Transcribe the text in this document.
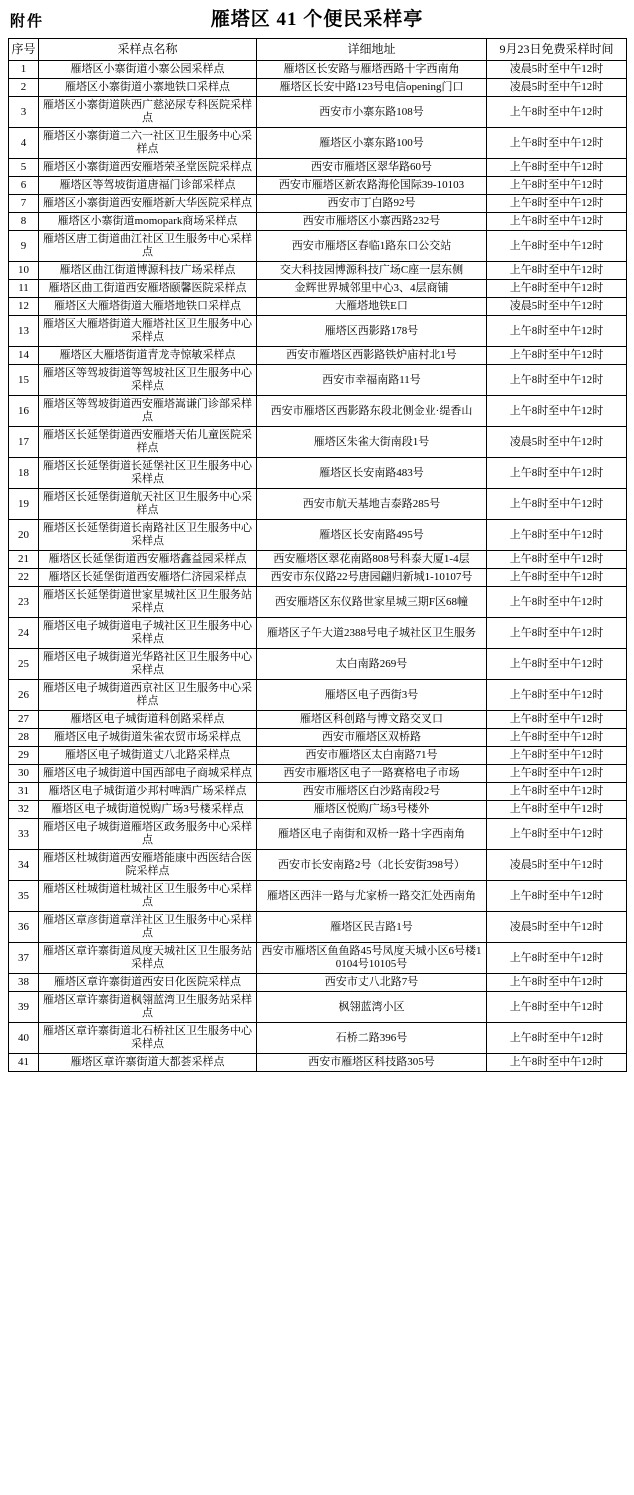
附件	雁塔区 41 个便民采样亭
序号	采样点名称	详细地址	9月23日免费采样时间
1	雁塔区小寨街道小寨公园采样点	雁塔区长安路与雁塔西路十字西南角	凌晨5时至中午12时
2	雁塔区小寨街道小寨地铁口采样点	雁塔区长安中路123号电信opening门口	凌晨5时至中午12时
3	雁塔区小寨街道陕西广慈泌尿专科医院采样点	西安市小寨东路108号	上午8时至中午12时
4	雁塔区小寨街道二六一社区卫生服务中心采样点	雁塔区小寨东路100号	上午8时至中午12时
5	雁塔区小寨街道西安雁塔荣圣堂医院采样点	西安市雁塔区翠华路60号	上午8时至中午12时
6	雁塔区等驾坡街道唐福门诊部采样点	西安市雁塔区新农路海伦国际39-10103	上午8时至中午12时
7	雁塔区小寨街道西安雁塔新大华医院采样点	西安市丁白路92号	上午8时至中午12时
8	雁塔区小寨街道momopark商场采样点	西安市雁塔区小寨西路232号	上午8时至中午12时
9	雁塔区唐工街道曲江社区卫生服务中心采样点	西安市雁塔区春临1路东口公交站	上午8时至中午12时
10	雁塔区曲江街道博源科技广场采样点	交大科技园博源科技广场C座一层东侧	上午8时至中午12时
11	雁塔区曲工街道西安雁塔颐馨医院采样点	金辉世界城邻里中心3、4层商铺	上午8时至中午12时
12	雁塔区大雁塔街道大雁塔地铁口采样点	大雁塔地铁E口	凌晨5时至中午12时
13	雁塔区大雁塔街道大雁塔社区卫生服务中心采样点	雁塔区西影路178号	上午8时至中午12时
14	雁塔区大雁塔街道青龙寺惊敏采样点	西安市雁塔区西影路铁炉庙村北1号	上午8时至中午12时
15	雁塔区等驾坡街道等驾坡社区卫生服务中心采样点	西安市幸福南路11号	上午8时至中午12时
16	雁塔区等驾坡街道西安雁塔嵩谦门诊部采样点	西安市雁塔区西影路东段北侧金业·缇香山	上午8时至中午12时
17	雁塔区长延堡街道西安雁塔天佑儿童医院采样点	雁塔区朱雀大街南段1号	凌晨5时至中午12时
18	雁塔区长延堡街道长延堡社区卫生服务中心采样点	雁塔区长安南路483号	上午8时至中午12时
19	雁塔区长延堡街道航天社区卫生服务中心采样点	西安市航天基地吉泰路285号	上午8时至中午12时
20	雁塔区长延堡街道长南路社区卫生服务中心采样点	雁塔区长安南路495号	上午8时至中午12时
21	雁塔区长延堡街道西安雁塔鑫益园采样点	西安雁塔区翠花南路808号科泰大厦1-4层	上午8时至中午12时
22	雁塔区长延堡街道西安雁塔仁济园采样点	西安市东仪路22号唐园翩归新城1-10107号	上午8时至中午12时
23	雁塔区长延堡街道世家星城社区卫生服务站采样点	西安雁塔区东仪路世家星城三期F区68幢	上午8时至中午12时
24	雁塔区电子城街道电子城社区卫生服务中心采样点	雁塔区子午大道2388号电子城社区卫生服务	上午8时至中午12时
25	雁塔区电子城街道光华路社区卫生服务中心采样点	太白南路269号	上午8时至中午12时
26	雁塔区电子城街道西京社区卫生服务中心采样点	雁塔区电子西街3号	上午8时至中午12时
27	雁塔区电子城街道科创路采样点	雁塔区科创路与博文路交叉口	上午8时至中午12时
28	雁塔区电子城街道朱雀农贸市场采样点	西安市雁塔区双桥路	上午8时至中午12时
29	雁塔区电子城街道丈八北路采样点	西安市雁塔区太白南路71号	上午8时至中午12时
30	雁塔区电子城街道中国西部电子商城采样点	西安市雁塔区电子一路赛格电子市场	上午8时至中午12时
31	雁塔区电子城街道少邦村啤酒广场采样点	西安市雁塔区白沙路南段2号	上午8时至中午12时
32	雁塔区电子城街道悦购广场3号楼采样点	雁塔区悦购广场3号楼外	上午8时至中午12时
33	雁塔区电子城街道雁塔区政务服务中心采样点	雁塔区电子南街和双桥一路十字西南角	上午8时至中午12时
34	雁塔区杜城街道西安雁塔能康中西医结合医院采样点	西安市长安南路2号（北长安街398号）	凌晨5时至中午12时
35	雁塔区杜城街道杜城社区卫生服务中心采样点	雁塔区西沣一路与尤家桥一路交汇处西南角	上午8时至中午12时
36	雁塔区章彦街道章洋社区卫生服务中心采样点	雁塔区民吉路1号	凌晨5时至中午12时
37	雁塔区章许寨街道凤度天城社区卫生服务站采样点	西安市雁塔区鱼鱼路45号凤度天城小区6号楼10104号10105号	上午8时至中午12时
38	雁塔区章许寨街道西安日化医院采样点	西安市丈八北路7号	上午8时至中午12时
39	雁塔区章许寨街道枫翎蓝湾卫生服务站采样点	枫翎蓝湾小区	上午8时至中午12时
40	雁塔区章许寨街道北石桥社区卫生服务中心采样点	石桥二路396号	上午8时至中午12时
41	雁塔区章许寨街道大都荟采样点	西安市雁塔区科技路305号	上午8时至中午12时
